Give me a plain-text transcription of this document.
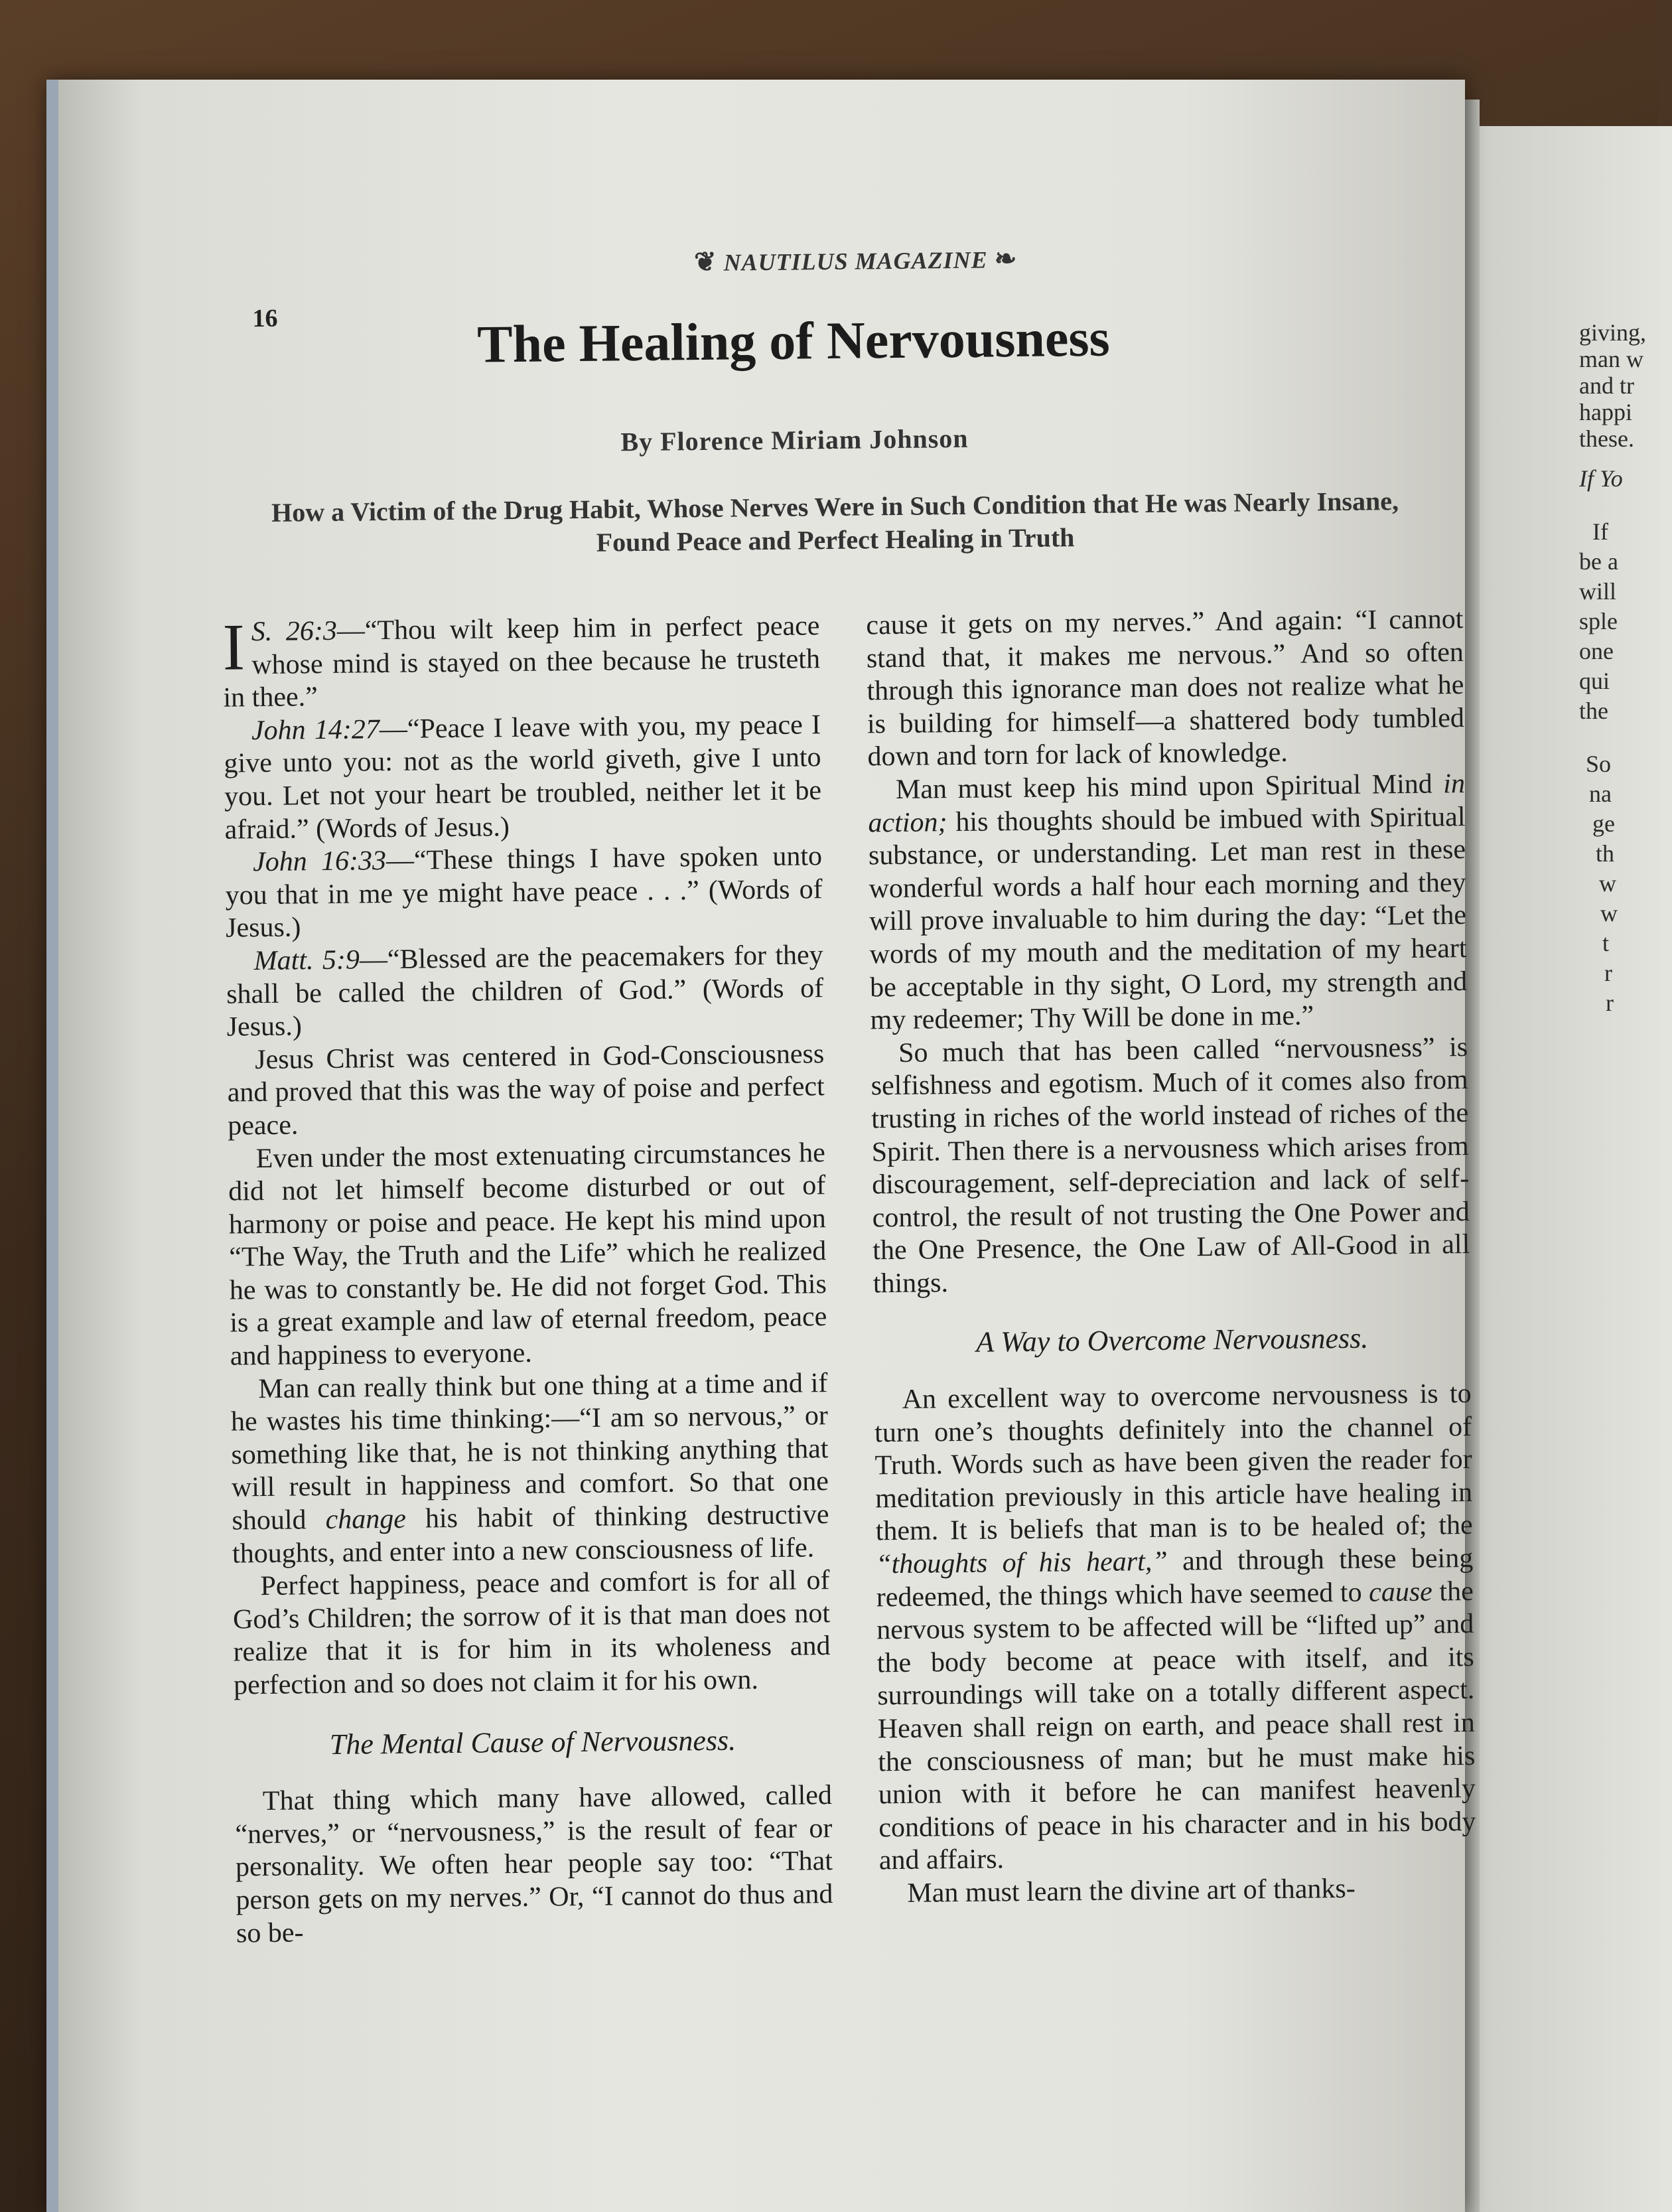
giving,
man w
and tr
happi
these.
If Yo
If
be a
will
sple
one
qui
the
So
na
ge
th
w
w
t
r
r
16
❦ NAUTILUS MAGAZINE ❧
The Healing of Nervousness
By Florence Miriam Johnson
How a Victim of the Drug Habit, Whose Nerves Were in Such Condition that He was Nearly Insane, Found Peace and Perfect Healing in Truth

I S. 26:3—“Thou wilt keep him in perfect peace whose mind is stayed on thee because he trusteth in thee.”

John 14:27—“Peace I leave with you, my peace I give unto you: not as the world giveth, give I unto you. Let not your heart be troubled, neither let it be afraid.” (Words of Jesus.)

John 16:33—“These things I have spoken unto you that in me ye might have peace . . .” (Words of Jesus.)

Matt. 5:9—“Blessed are the peacemakers for they shall be called the children of God.” (Words of Jesus.)

Jesus Christ was centered in God-Consciousness and proved that this was the way of poise and perfect peace.

Even under the most extenuating circumstances he did not let himself become disturbed or out of harmony or poise and peace. He kept his mind upon “The Way, the Truth and the Life” which he realized he was to constantly be. He did not forget God. This is a great example and law of eternal freedom, peace and happiness to everyone.

Man can really think but one thing at a time and if he wastes his time thinking:—“I am so nervous,” or something like that, he is not thinking anything that will result in happiness and comfort. So that one should change his habit of thinking destructive thoughts, and enter into a new consciousness of life.

Perfect happiness, peace and comfort is for all of God’s Children; the sorrow of it is that man does not realize that it is for him in its wholeness and perfection and so does not claim it for his own.

The Mental Cause of Nervousness.

That thing which many have allowed, called “nerves,” or “nervousness,” is the result of fear or personality. We often hear people say too: “That person gets on my nerves.” Or, “I cannot do thus and so be-

cause it gets on my nerves.” And again: “I cannot stand that, it makes me nervous.” And so often through this ignorance man does not realize what he is building for himself—a shattered body tumbled down and torn for lack of knowledge.

Man must keep his mind upon Spiritual Mind in action; his thoughts should be imbued with Spiritual substance, or understanding. Let man rest in these wonderful words a half hour each morning and they will prove invaluable to him during the day: “Let the words of my mouth and the meditation of my heart be acceptable in thy sight, O Lord, my strength and my redeemer; Thy Will be done in me.”

So much that has been called “nervousness” is selfishness and egotism. Much of it comes also from trusting in riches of the world instead of riches of the Spirit. Then there is a nervousness which arises from discouragement, self-depreciation and lack of self-control, the result of not trusting the One Power and the One Presence, the One Law of All-Good in all things.

A Way to Overcome Nervousness.

An excellent way to overcome nervousness is to turn one’s thoughts definitely into the channel of Truth. Words such as have been given the reader for meditation previously in this article have healing in them. It is beliefs that man is to be healed of; the “thoughts of his heart,” and through these being redeemed, the things which have seemed to cause the nervous system to be affected will be “lifted up” and the body become at peace with itself, and its surroundings will take on a totally different aspect. Heaven shall reign on earth, and peace shall rest in the consciousness of man; but he must make his union with it before he can manifest heavenly conditions of peace in his character and in his body and affairs.

Man must learn the divine art of thanks-
